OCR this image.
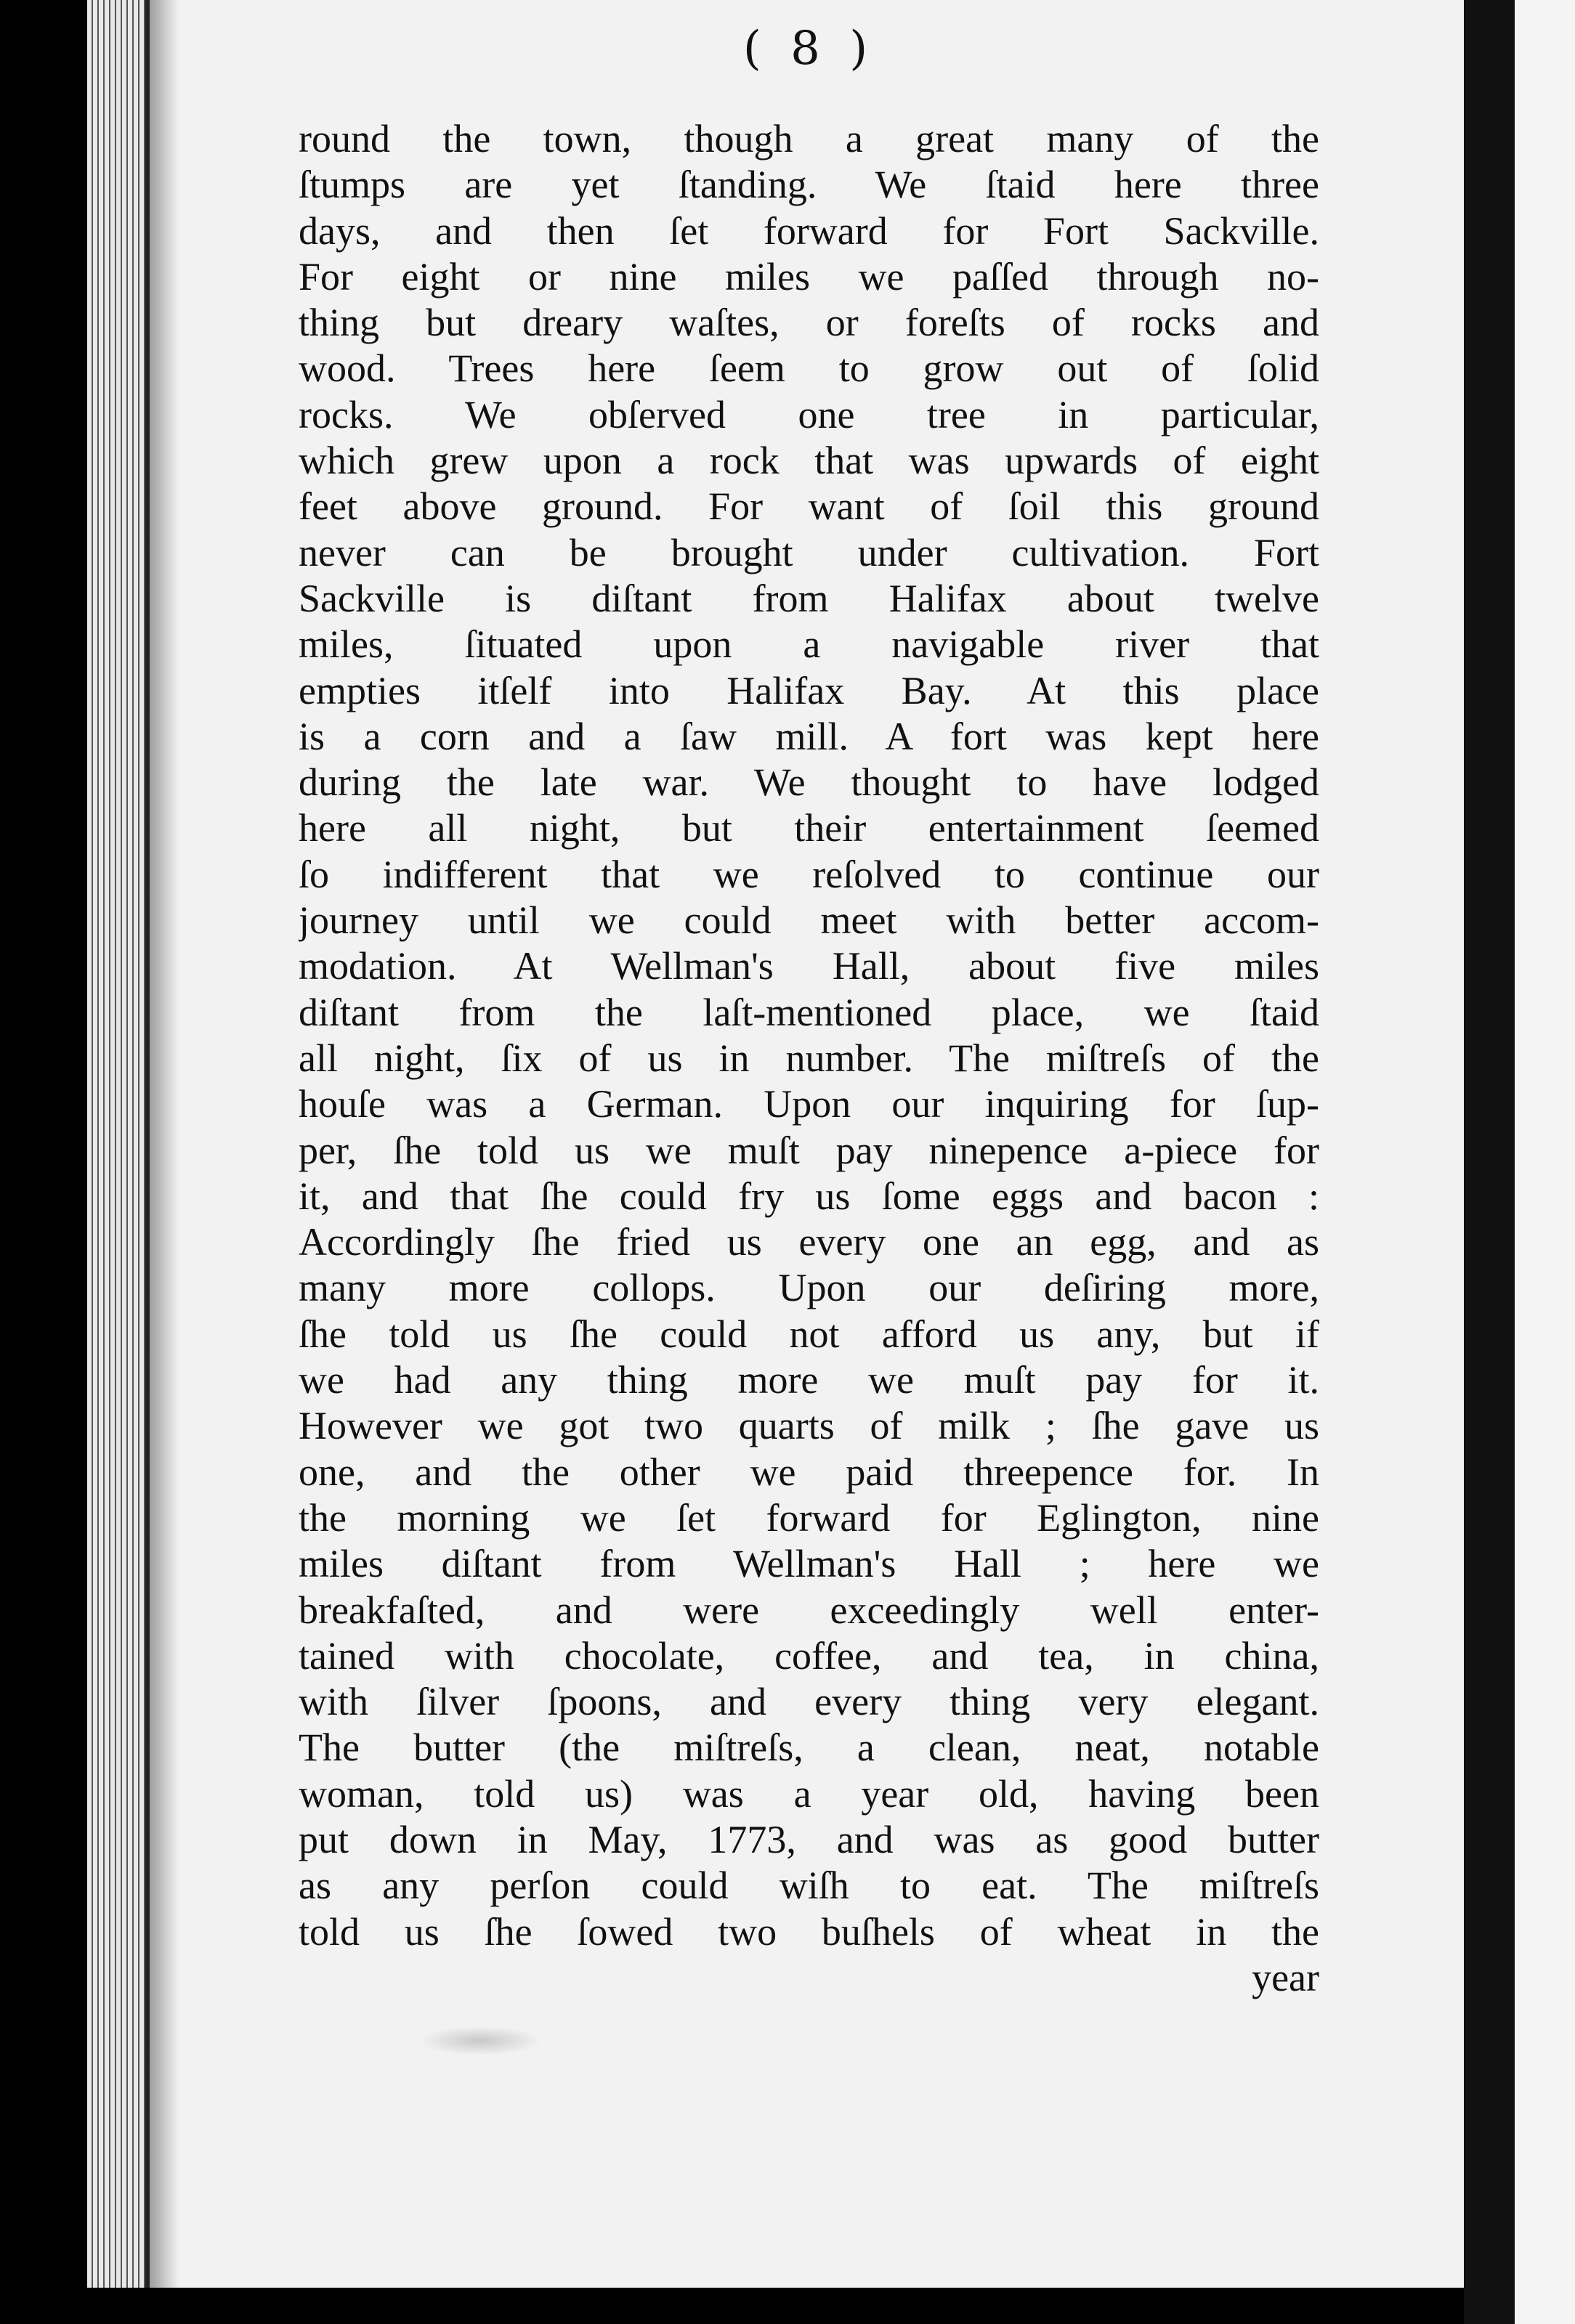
( 8 )
round the town, though a great many of the
ſtumps are yet ſtanding. We ſtaid here three
days, and then ſet forward for Fort Sackville.
For eight or nine miles we paſſed through no-
thing but dreary waſtes, or foreſts of rocks and
wood. Trees here ſeem to grow out of ſolid
rocks. We obſerved one tree in particular,
which grew upon a rock that was upwards of eight
feet above ground. For want of ſoil this ground
never can be brought under cultivation. Fort
Sackville is diſtant from Halifax about twelve
miles, ſituated upon a navigable river that
empties itſelf into Halifax Bay. At this place
is a corn and a ſaw mill. A fort was kept here
during the late war. We thought to have lodged
here all night, but their entertainment ſeemed
ſo indifferent that we reſolved to continue our
journey until we could meet with better accom-
modation. At Wellman's Hall, about five miles
diſtant from the laſt-mentioned place, we ſtaid
all night, ſix of us in number. The miſtreſs of the
houſe was a German. Upon our inquiring for ſup-
per, ſhe told us we muſt pay ninepence a-piece for
it, and that ſhe could fry us ſome eggs and bacon :
Accordingly ſhe fried us every one an egg, and as
many more collops. Upon our deſiring more,
ſhe told us ſhe could not afford us any, but if
we had any thing more we muſt pay for it.
However we got two quarts of milk ; ſhe gave us
one, and the other we paid threepence for. In
the morning we ſet forward for Eglington, nine
miles diſtant from Wellman's Hall ; here we
breakfaſted, and were exceedingly well enter-
tained with chocolate, coffee, and tea, in china,
with ſilver ſpoons, and every thing very elegant.
The butter (the miſtreſs, a clean, neat, notable
woman, told us) was a year old, having been
put down in May, 1773, and was as good butter
as any perſon could wiſh to eat. The miſtreſs
told us ſhe ſowed two buſhels of wheat in the
year
